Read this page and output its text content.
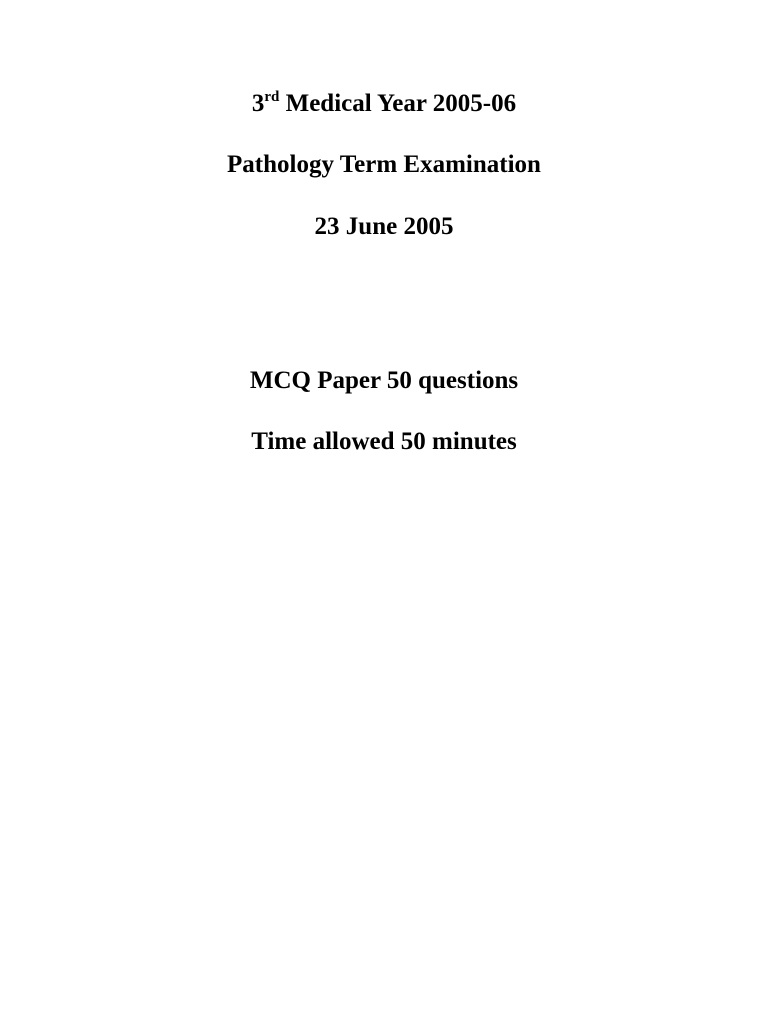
3rd Medical Year 2005-06
Pathology Term Examination
23 June 2005
MCQ Paper 50 questions
Time allowed 50 minutes
